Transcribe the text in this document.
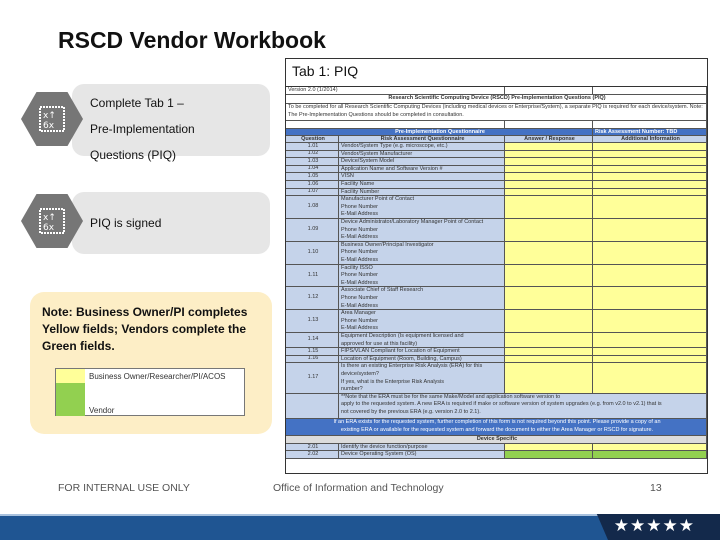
RSCD Vendor Workbook
Complete Tab 1 –
Pre-Implementation
Questions (PIQ)
x↑
6x
PIQ is signed
x↑
6x
Note: Business Owner/PI completes Yellow fields; Vendors complete the Green fields.
Business Owner/Researcher/PI/ACOS
Vendor
Tab 1: PIQ
Version 2.0 (1/2014)
Research Scientific Computing Device (RSCD) Pre-Implementation Questions (PIQ)
To be completed for all Research Scientific Computing Devices (including medical devices or Enterprise/System), a separate PIQ is required for each device/system. Note: The Pre-Implementation Questions should be completed in consultation.
Pre-Implementation Questionnaire	Risk Assessment Number: TBD
Question	Risk Assessment Questionnaire	Answer / Response	Additional Information
1.01	Vendor/System Type (e.g. microscope, etc.)
1.02	Vendor/System Manufacturer
1.03	Device/System Model
1.04	Application Name and Software Version #
1.05	VISN
1.06	Facility Name
1.07	Facility Number
1.08
Manufacturer Point of Contact
Phone Number
E-Mail Address
1.09
Device Administrator/Laboratory Manager Point of Contact
Phone Number
E-Mail Address
1.10
Business Owner/Principal Investigator
Phone Number
E-Mail Address
1.11
Facility ISSO
Phone Number
E-Mail Address
1.12
Associate Chief of Staff Research
Phone Number
E-Mail Address
1.13
Area Manager
Phone Number
E-Mail Address
1.14
Equipment Description (Is equipment licensed and
approved for use at this facility)
1.15	FIPS/VLAN Compliant for Location of Equipment
1.16	Location of Equipment (Room, Building, Campus)
1.17
Is there an existing Enterprise Risk Analysis (ERA) for this
device/system?
If yes, what is the Enterprise Risk Analysis
number?
**Note that the ERA must be for the same Make/Model and application software version to
apply to the requested system. A new ERA is required if make or software version of system upgrades (e.g. from v2.0 to v2.1) that is
not covered by the previous ERA (e.g. version 2.0 to 2.1).
If an ERA exists for the requested system, further completion of this form is not required beyond this point. Please provide a copy of an
existing ERA or available for the requested system and forward the document to either the Area Manager or RSCD for signature.
Device Specific
2.01	Identify the device function/purpose
2.02	Device Operating System (OS)
FOR INTERNAL USE ONLY	Office of Information and Technology	13
★★★★★
